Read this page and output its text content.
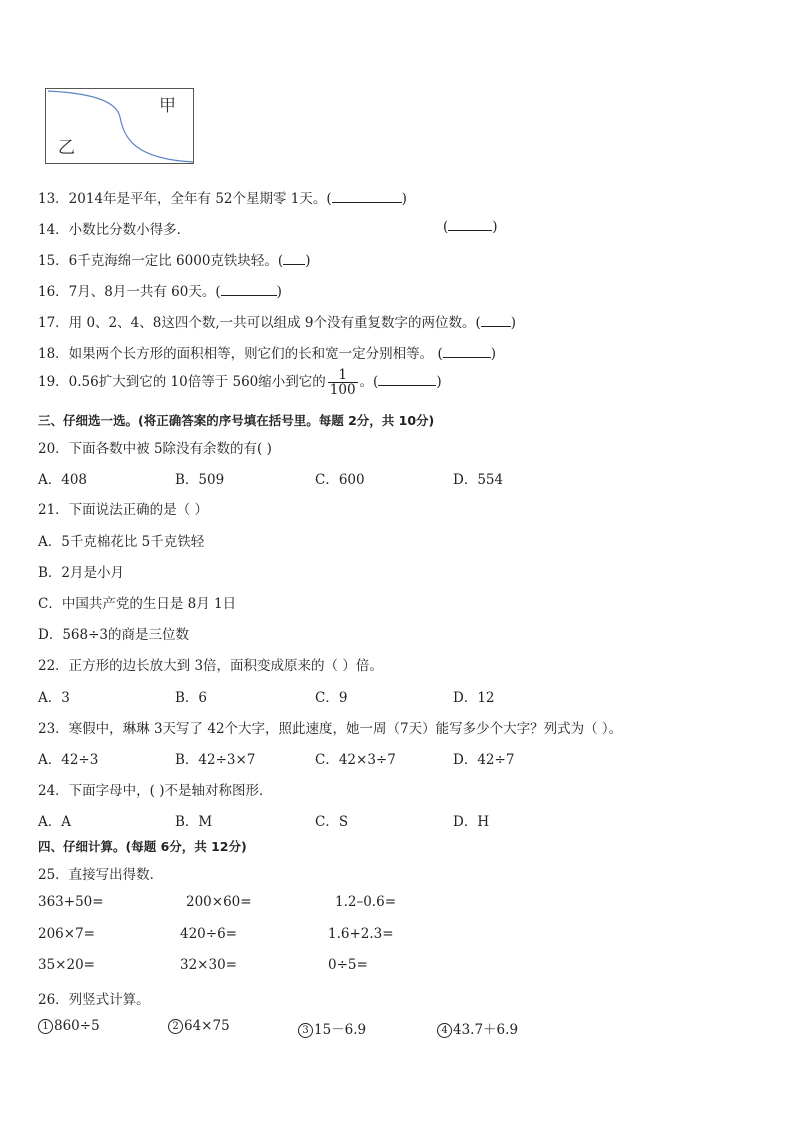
甲
乙
13．2014年是平年，全年有 52个星期零 1天。(	)
14．小数比分数小得多．	(	)
15．6千克海绵一定比 6000克铁块轻。( )
16．7月、8月一共有 60天。(	)
17．用 0、2、4、8这四个数,一共可以组成 9个没有重复数字的两位数。( )
18．如果两个长方形的面积相等，则它们的长和宽一定分别相等。 (	)
19．0.56扩大到它的 10倍等于 560缩小到它的 $\frac{1}{100}$ 。(	)
三、仔细选一选。(将正确答案的序号填在括号里。每题 2分，共 10分)
20．下面各数中被 5除没有余数的有( )
A．408	B．509	C．600	D．554
21．下面说法正确的是（ ）
A．5千克棉花比 5千克铁轻
B．2月是小月
C．中国共产党的生日是 8月 1日
D．568÷3的商是三位数
22．正方形的边长放大到 3倍，面积变成原来的（ ）倍。
A．3	B．6	C．9	D．12
23．寒假中，琳琳 3天写了 42个大字，照此速度，她一周（7天）能写多少个大字？列式为（ ）。
A．42÷3	B．42÷3×7	C．42×3÷7	D．42÷7
24．下面字母中，( )不是轴对称图形．
A．A	B．M	C．S	D．H
四、仔细计算。(每题 6分，共 12分)
25．直接写出得数．
363+50=	200×60=	1.2–0.6=
206×7=	420÷6=	1.6+2.3=
35×20=	32×30=	0÷5=
26．列竖式计算。
1 860÷5	2 64×75	3 15－6.9	4 43.7＋6.9
